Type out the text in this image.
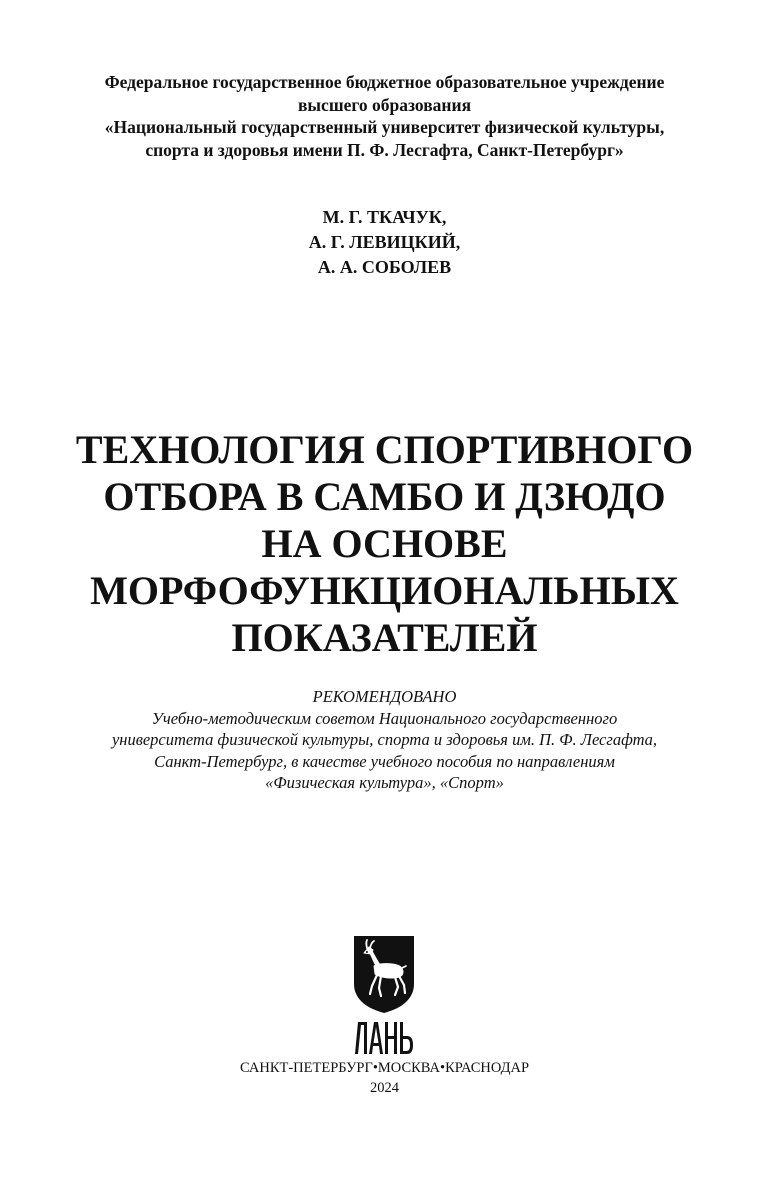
Федеральное государственное бюджетное образовательное учреждение
высшего образования
«Национальный государственный университет физической культуры,
спорта и здоровья имени П. Ф. Лесгафта, Санкт-Петербург»
М. Г. ТКАЧУК,
А. Г. ЛЕВИЦКИЙ,
А. А. СОБОЛЕВ
ТЕХНОЛОГИЯ СПОРТИВНОГО
ОТБОРА В САМБО И ДЗЮДО
НА ОСНОВЕ
МОРФОФУНКЦИОНАЛЬНЫХ
ПОКАЗАТЕЛЕЙ
РЕКОМЕНДОВАНО
Учебно-методическим советом Национального государственного
университета физической культуры, спорта и здоровья им. П. Ф. Лесгафта,
Санкт-Петербург, в качестве учебного пособия по направлениям
«Физическая культура», «Спорт»
САНКТ-ПЕТЕРБУРГ•МОСКВА•КРАСНОДАР
2024
